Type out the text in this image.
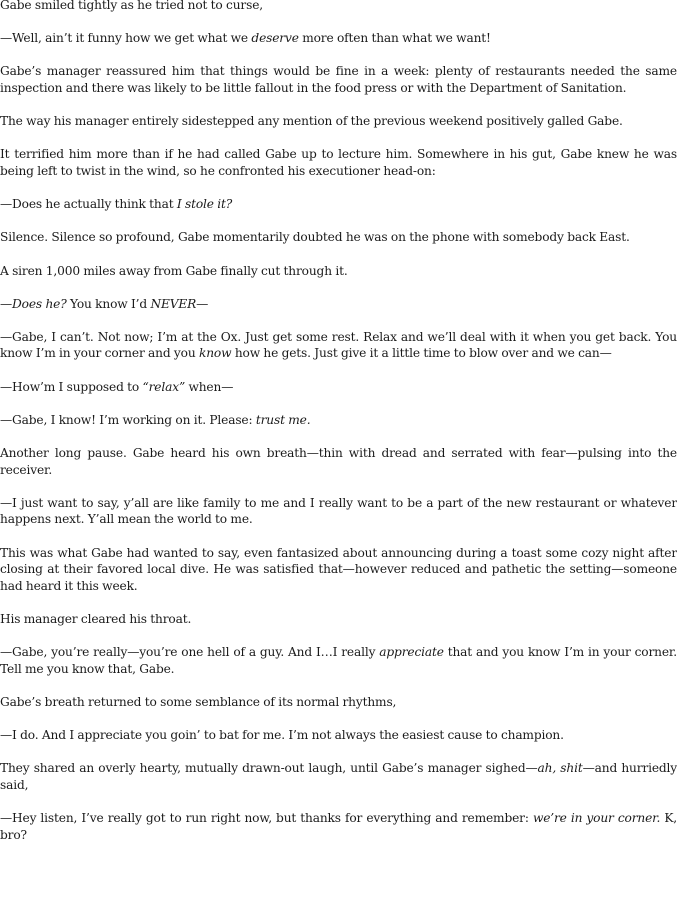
Gabe smiled tightly as he tried not to curse,

—Well, ain’t it funny how we get what we deserve more often than what we want!

Gabe’s manager reassured him that things would be fine in a week: plenty of restaurants needed the same inspection and there was likely to be little fallout in the food press or with the Department of Sanitation.

The way his manager entirely sidestepped any mention of the previous weekend positively galled Gabe.

It terrified him more than if he had called Gabe up to lecture him. Somewhere in his gut, Gabe knew he was being left to twist in the wind, so he confronted his executioner head-on:

—Does he actually think that I stole it?

Silence. Silence so profound, Gabe momentarily doubted he was on the phone with somebody back East.

A siren 1,000 miles away from Gabe finally cut through it.

—Does he? You know I’d NEVER—

—Gabe, I can’t. Not now; I’m at the Ox. Just get some rest. Relax and we’ll deal with it when you get back. You know I’m in your corner and you know how he gets. Just give it a little time to blow over and we can—

—How’m I supposed to “relax” when—

—Gabe, I know! I’m working on it. Please: trust me.

Another long pause. Gabe heard his own breath—thin with dread and serrated with fear—pulsing into the receiver.

—I just want to say, y’all are like family to me and I really want to be a part of the new restaurant or whatever happens next. Y’all mean the world to me.

This was what Gabe had wanted to say, even fantasized about announcing during a toast some cozy night after closing at their favored local dive. He was satisfied that—however reduced and pathetic the setting—someone had heard it this week.

His manager cleared his throat.

—Gabe, you’re really—you’re one hell of a guy. And I…I really appreciate that and you know I’m in your corner. Tell me you know that, Gabe.

Gabe’s breath returned to some semblance of its normal rhythms,

—I do. And I appreciate you goin’ to bat for me. I’m not always the easiest cause to champion.

They shared an overly hearty, mutually drawn-out laugh, until Gabe’s manager sighed—ah, shit—and hurriedly said,

—Hey listen, I’ve really got to run right now, but thanks for everything and remember: we’re in your corner. K, bro?
